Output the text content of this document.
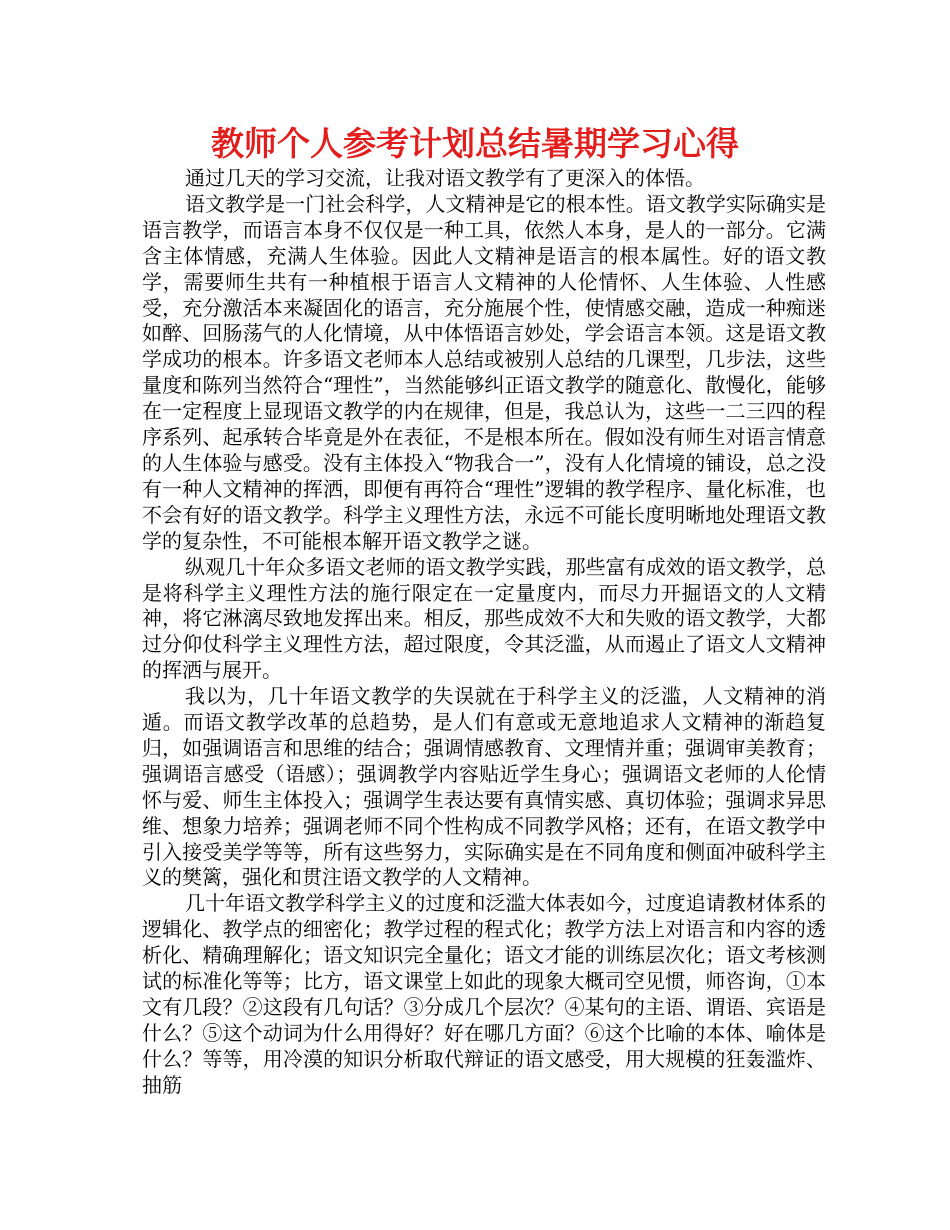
教师个人参考计划总结暑期学习心得

通过几天的学习交流，让我对语文教学有了更深入的体悟。

语文教学是一门社会科学，人文精神是它的根本性。语文教学实际确实是语言教学，而语言本身不仅仅是一种工具，依然人本身，是人的一部分。它满含主体情感，充满人生体验。因此人文精神是语言的根本属性。好的语文教学，需要师生共有一种植根于语言人文精神的人伦情怀、人生体验、人性感受，充分激活本来凝固化的语言，充分施展个性，使情感交融，造成一种痴迷如醉、回肠荡气的人化情境，从中体悟语言妙处，学会语言本领。这是语文教学成功的根本。许多语文老师本人总结或被别人总结的几课型，几步法，这些量度和陈列当然符合“理性”，当然能够纠正语文教学的随意化、散慢化，能够在一定程度上显现语文教学的内在规律，但是，我总认为，这些一二三四的程序系列、起承转合毕竟是外在表征，不是根本所在。假如没有师生对语言情意的人生体验与感受。没有主体投入“物我合一”，没有人化情境的铺设，总之没有一种人文精神的挥洒，即便有再符合“理性”逻辑的教学程序、量化标准，也不会有好的语文教学。科学主义理性方法，永远不可能长度明晰地处理语文教学的复杂性，不可能根本解开语文教学之谜。

纵观几十年众多语文老师的语文教学实践，那些富有成效的语文教学，总是将科学主义理性方法的施行限定在一定量度内，而尽力开掘语文的人文精神，将它淋漓尽致地发挥出来。相反，那些成效不大和失败的语文教学，大都过分仰仗科学主义理性方法，超过限度，令其泛滥，从而遏止了语文人文精神的挥洒与展开。

我以为，几十年语文教学的失误就在于科学主义的泛滥，人文精神的消遁。而语文教学改革的总趋势，是人们有意或无意地追求人文精神的渐趋复归，如强调语言和思维的结合；强调情感教育、文理情并重；强调审美教育；强调语言感受（语感）；强调教学内容贴近学生身心；强调语文老师的人伦情怀与爱、师生主体投入；强调学生表达要有真情实感、真切体验；强调求异思维、想象力培养；强调老师不同个性构成不同教学风格；还有，在语文教学中引入接受美学等等，所有这些努力，实际确实是在不同角度和侧面冲破科学主义的樊篱，强化和贯注语文教学的人文精神。

几十年语文教学科学主义的过度和泛滥大体表如今，过度追请教材体系的逻辑化、教学点的细密化；教学过程的程式化；教学方法上对语言和内容的透析化、精确理解化；语文知识完全量化；语文才能的训练层次化；语文考核测试的标准化等等；比方，语文课堂上如此的现象大概司空见惯，师咨询，①本文有几段？②这段有几句话？③分成几个层次？④某句的主语、谓语、宾语是什么？⑤这个动词为什么用得好？好在哪几方面？⑥这个比喻的本体、喻体是什么？等等，用冷漠的知识分析取代辩证的语文感受，用大规模的狂轰滥炸、抽筋
